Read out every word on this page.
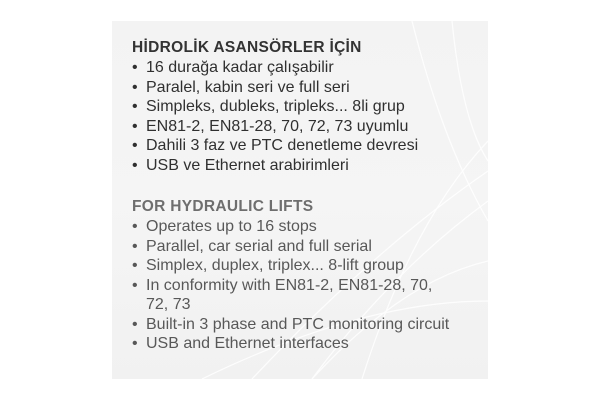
HİDROLİK ASANSÖRLER İÇİN
• 16 durağa kadar çalışabilir
• Paralel, kabin seri ve full seri
• Simpleks, dubleks, tripleks... 8li grup
• EN81-2, EN81-28, 70, 72, 73 uyumlu
• Dahili 3 faz ve PTC denetleme devresi
• USB ve Ethernet arabirimleri
FOR HYDRAULIC LIFTS
• Operates up to 16 stops
• Parallel, car serial and full serial
• Simplex, duplex, triplex... 8-lift group
• In conformity with EN81-2, EN81-28, 70, 72, 73
• Built-in 3 phase and PTC monitoring circuit
• USB and Ethernet interfaces
